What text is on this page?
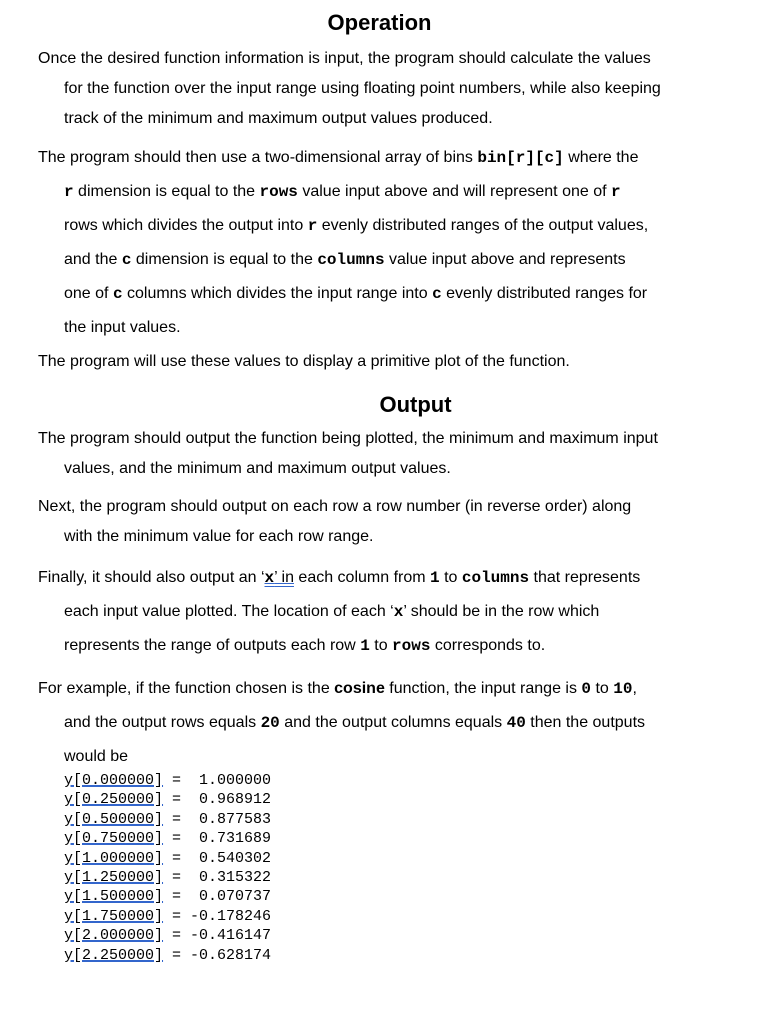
Operation
Once the desired function information is input, the program should calculate the values
for the function over the input range using floating point numbers, while also keeping
track of the minimum and maximum output values produced.
The program should then use a two-dimensional array of bins bin[r][c] where the
r dimension is equal to the rows value input above and will represent one of r
rows which divides the output into r evenly distributed ranges of the output values,
and the c dimension is equal to the columns value input above and represents
one of c columns which divides the input range into c evenly distributed ranges for
the input values.
The program will use these values to display a primitive plot of the function.
Output
The program should output the function being plotted, the minimum and maximum input
values, and the minimum and maximum output values.
Next, the program should output on each row a row number (in reverse order) along
with the minimum value for each row range.
Finally, it should also output an ‘x’ in each column from 1 to columns that represents
each input value plotted. The location of each ‘x’ should be in the row which
represents the range of outputs each row 1 to rows corresponds to.
For example, if the function chosen is the cosine function, the input range is 0 to 10,
and the output rows equals 20 and the output columns equals 40 then the outputs
would be
y[0.000000] =  1.000000
y[0.250000] =  0.968912
y[0.500000] =  0.877583
y[0.750000] =  0.731689
y[1.000000] =  0.540302
y[1.250000] =  0.315322
y[1.500000] =  0.070737
y[1.750000] = -0.178246
y[2.000000] = -0.416147
y[2.250000] = -0.628174
